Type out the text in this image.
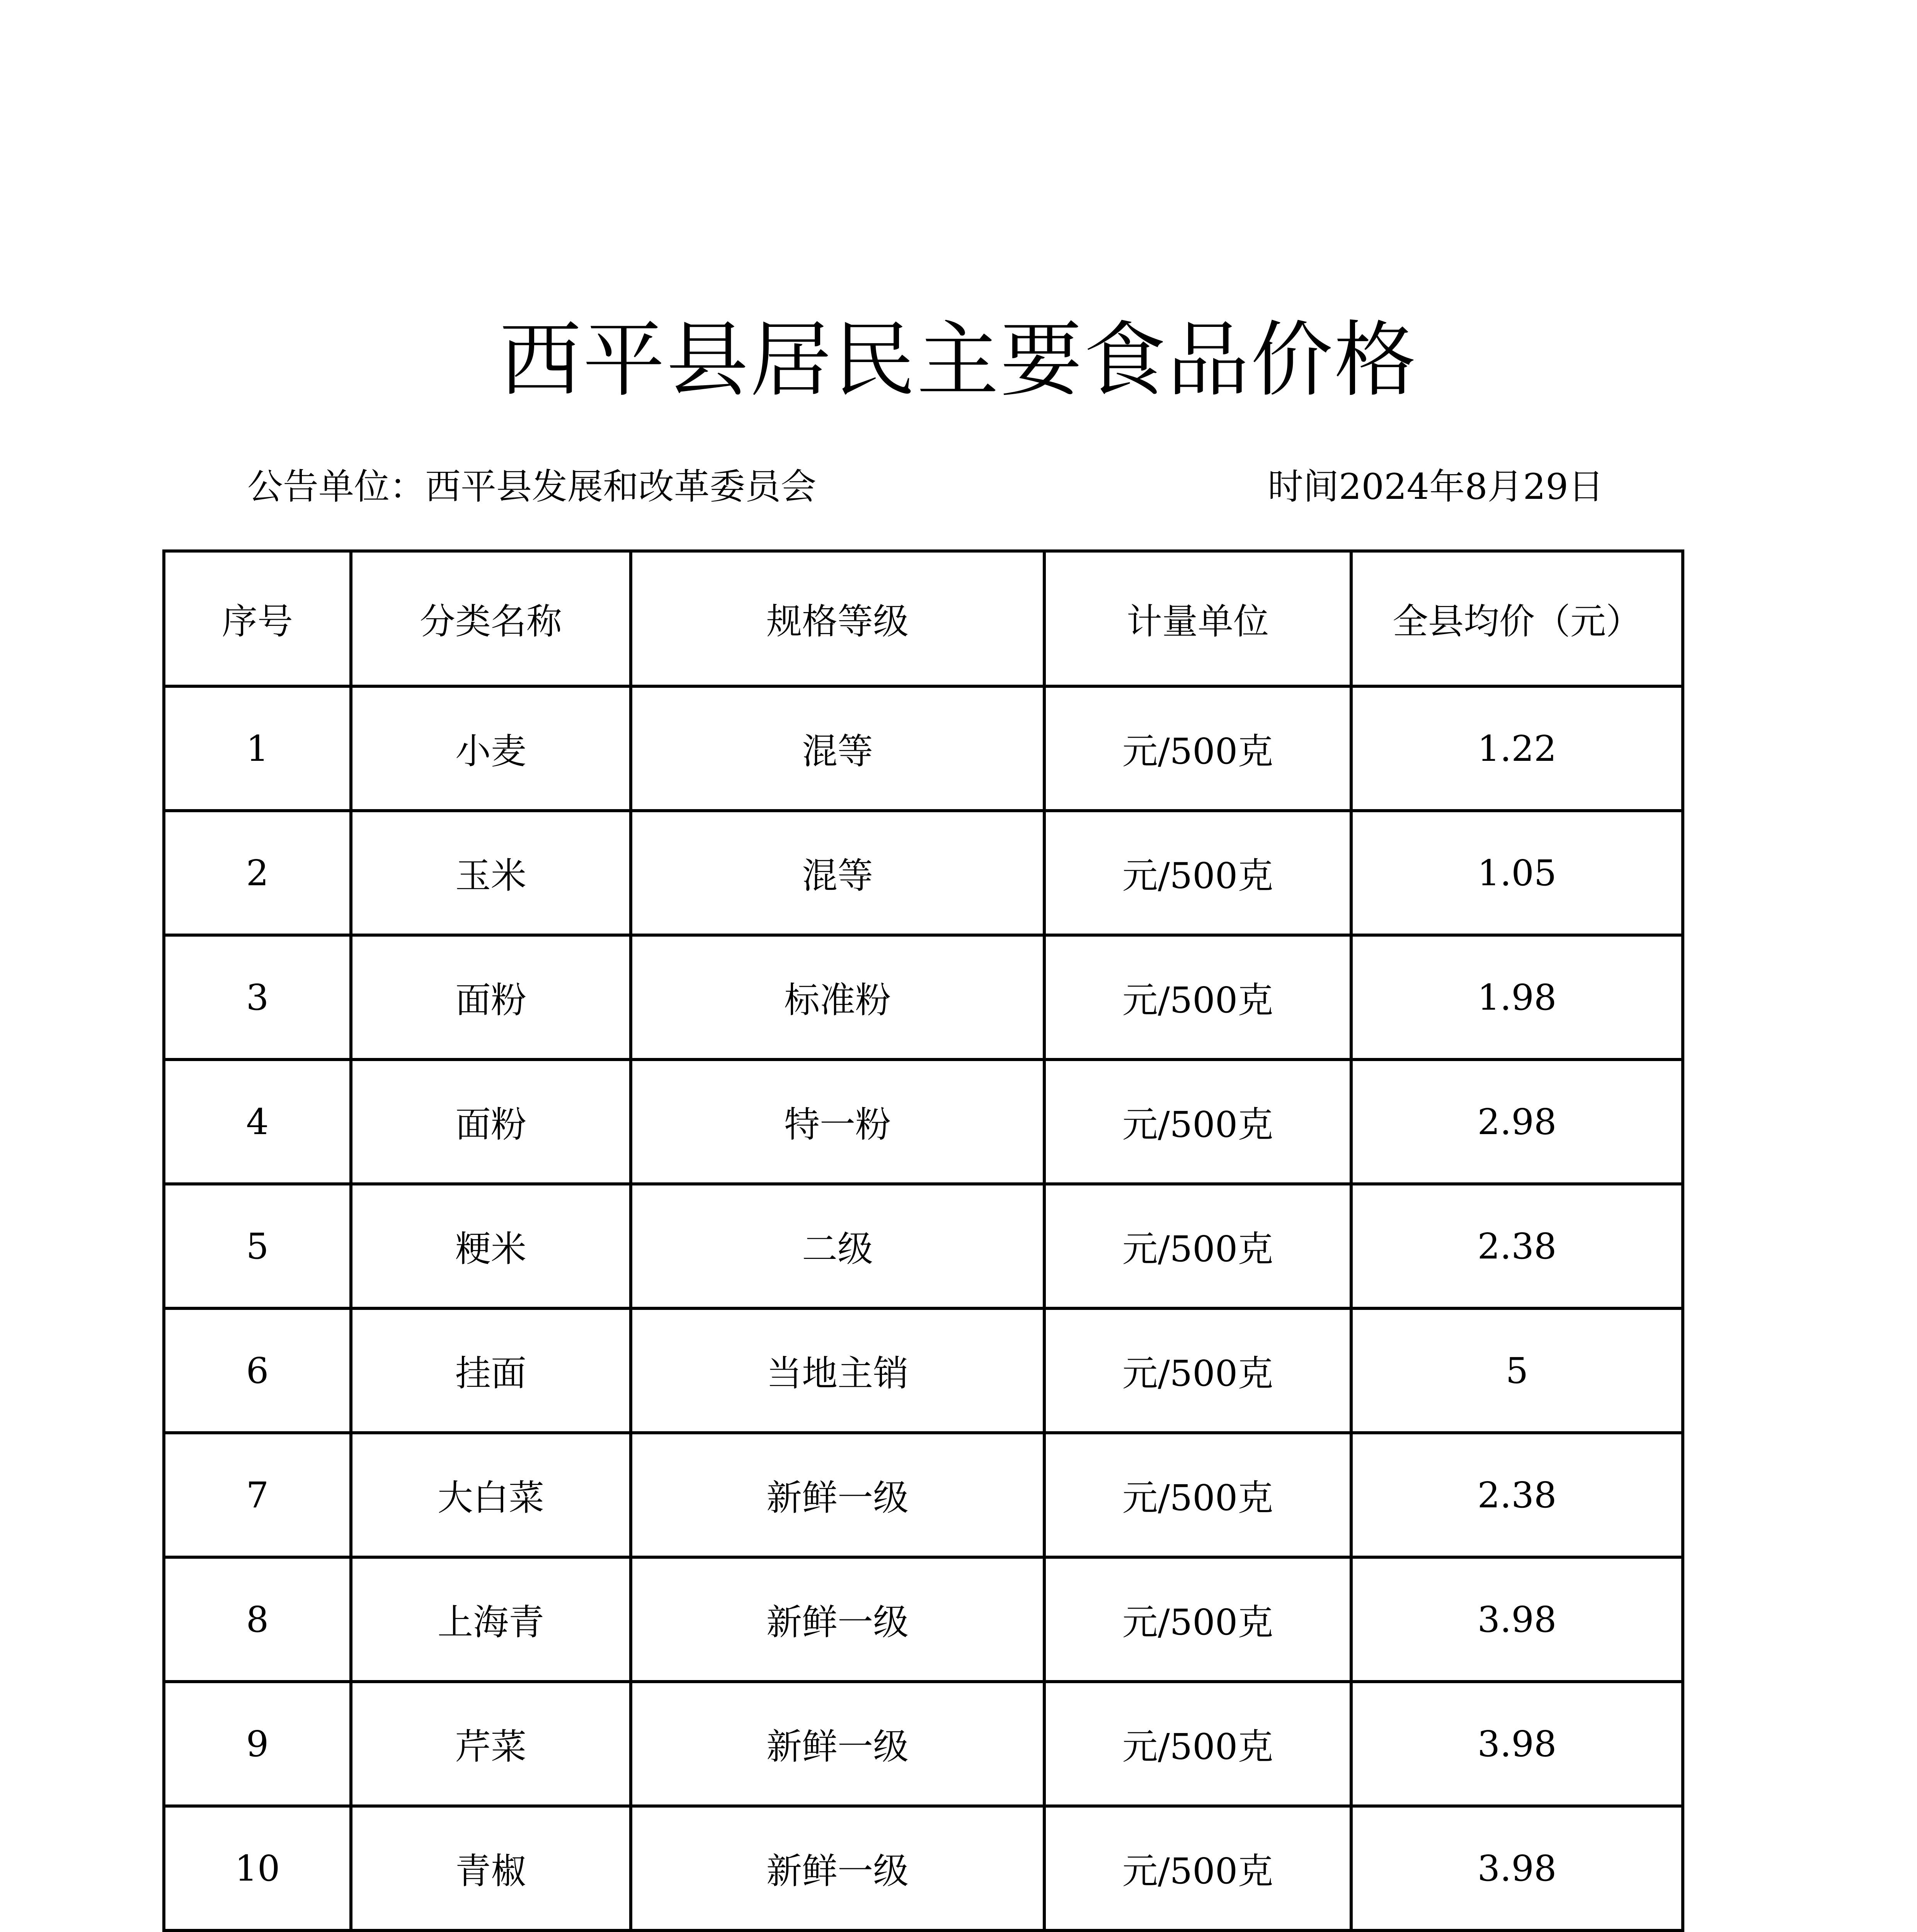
西平县居民主要食品价格
公告单位：西平县发展和改革委员会	时间2024年8月29日
序号	分类名称	规格等级	计量单位	全县均价（元）
1	小麦	混等	元/500克	1.22
2	玉米	混等	元/500克	1.05
3	面粉	标准粉	元/500克	1.98
4	面粉	特一粉	元/500克	2.98
5	粳米	二级	元/500克	2.38
6	挂面	当地主销	元/500克	5
7	大白菜	新鲜一级	元/500克	2.38
8	上海青	新鲜一级	元/500克	3.98
9	芹菜	新鲜一级	元/500克	3.98
10	青椒	新鲜一级	元/500克	3.98
